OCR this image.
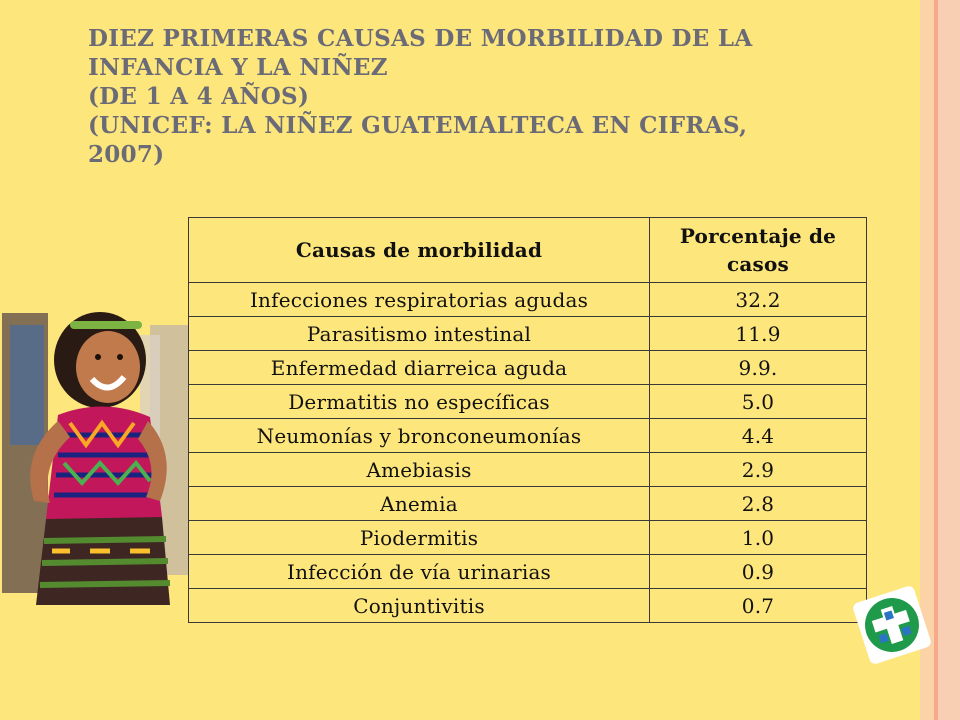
DIEZ PRIMERAS CAUSAS DE MORBILIDAD DE LA
INFANCIA Y LA NIÑEZ
(DE 1 A 4 AÑOS)
(UNICEF: LA NIÑEZ GUATEMALTECA EN CIFRAS,
2007)
Causas de morbilidad	Porcentaje de casos
Infecciones respiratorias agudas	32.2
Parasitismo intestinal	11.9
Enfermedad diarreica aguda	9.9.
Dermatitis no específicas	5.0
Neumonías y bronconeumonías	4.4
Amebiasis	2.9
Anemia	2.8
Piodermitis	1.0
Infección de vía urinarias	0.9
Conjuntivitis	0.7
